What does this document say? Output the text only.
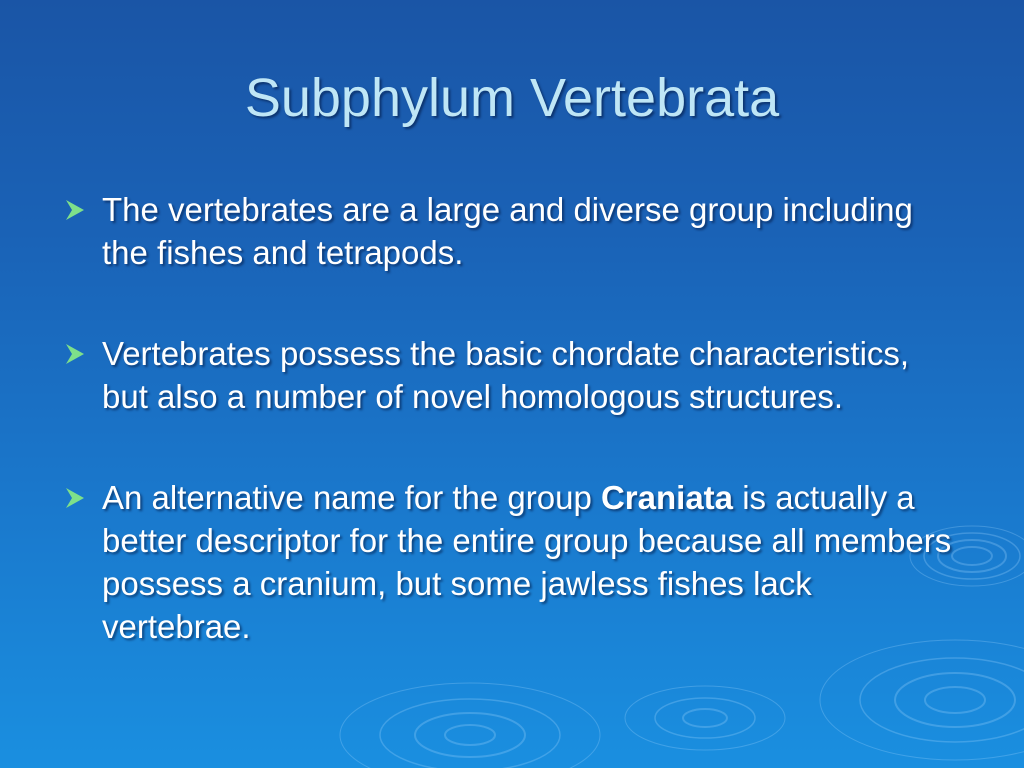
Subphylum Vertebrata
The vertebrates are a large and diverse group including the fishes and tetrapods.
Vertebrates possess the basic chordate characteristics, but also a number of novel homologous structures.
An alternative name for the group Craniata is actually a better descriptor for the entire group because all members possess a cranium, but some jawless fishes lack vertebrae.
